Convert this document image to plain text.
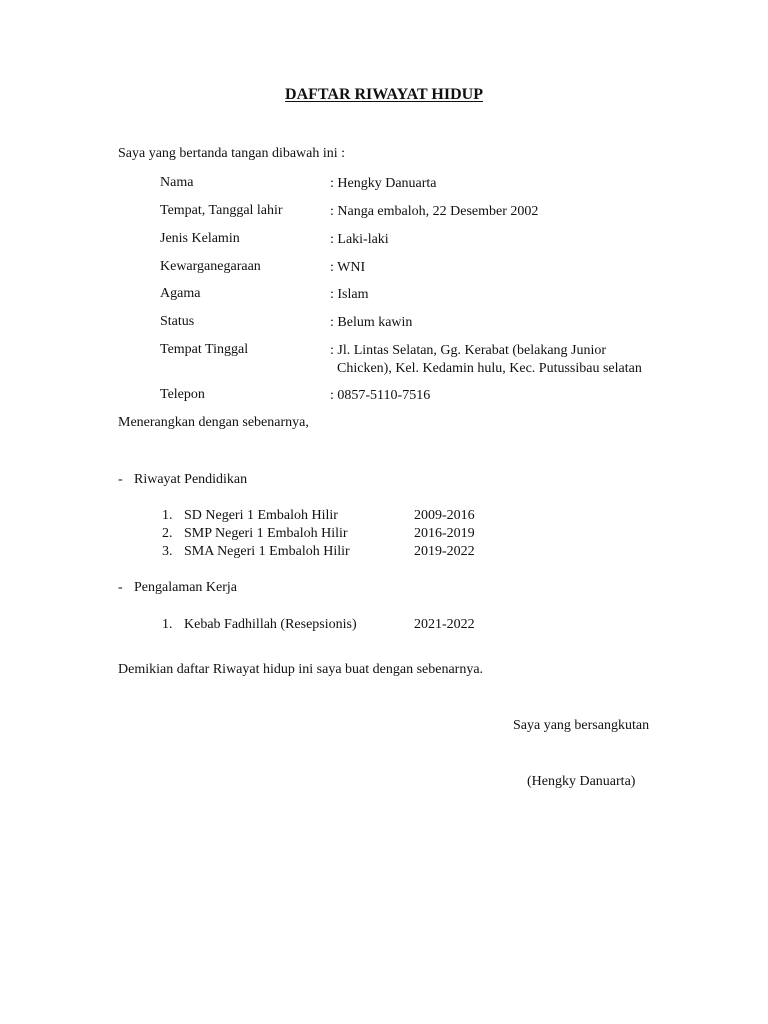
DAFTAR RIWAYAT HIDUP
Saya yang bertanda tangan dibawah ini :
Nama	: Hengky Danuarta
Tempat, Tanggal lahir	: Nanga embaloh, 22 Desember 2002
Jenis Kelamin	: Laki-laki
Kewarganegaraan	: WNI
Agama	: Islam
Status	: Belum kawin
Tempat Tinggal	: Jl. Lintas Selatan, Gg. Kerabat (belakang Junior
Chicken), Kel. Kedamin hulu, Kec. Putussibau selatan
Telepon	: 0857-5110-7516
Menerangkan dengan sebenarnya,
- Riwayat Pendidikan
1. SD Negeri 1 Embaloh Hilir	2009-2016
2. SMP Negeri 1 Embaloh Hilir	2016-2019
3. SMA Negeri 1 Embaloh Hilir	2019-2022
- Pengalaman Kerja
1. Kebab Fadhillah (Resepsionis)	2021-2022
Demikian daftar Riwayat hidup ini saya buat dengan sebenarnya.
Saya yang bersangkutan
(Hengky Danuarta)
